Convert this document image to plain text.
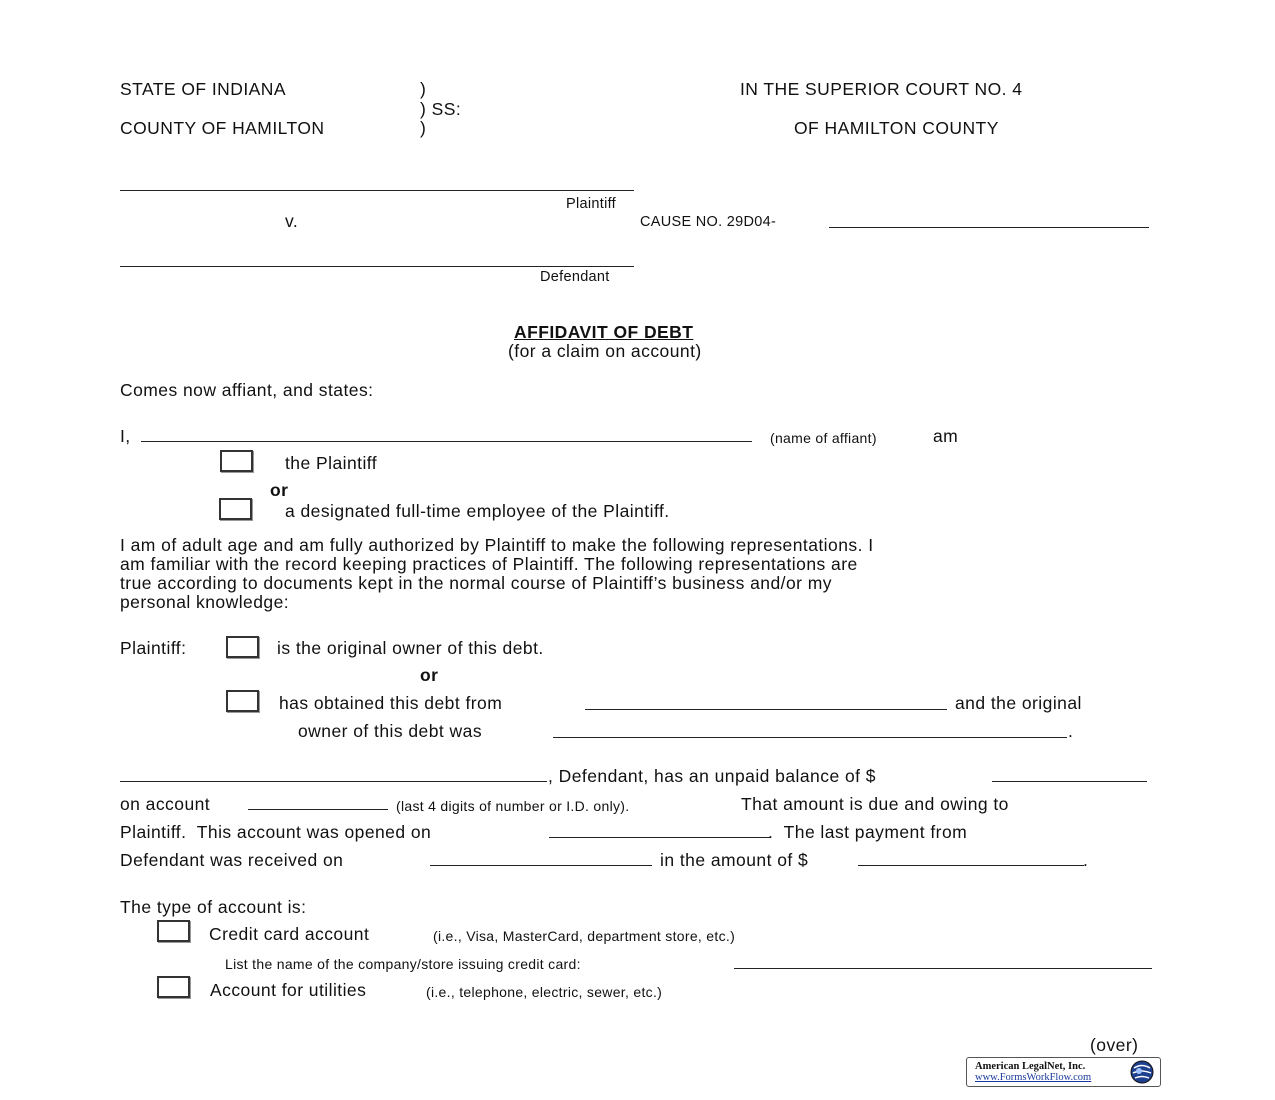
STATE OF INDIANA	)
) SS:
COUNTY OF HAMILTON	)
IN THE SUPERIOR COURT NO. 4
OF HAMILTON COUNTY
Plaintiff
v.	CAUSE NO. 29D04-
Defendant
AFFIDAVIT OF DEBT
(for a claim on account)
Comes now affiant, and states:
I,	(name of affiant)	am
the Plaintiff
or
a designated full-time employee of the Plaintiff.
I am of adult age and am fully authorized by Plaintiff to make the following representations. I
am familiar with the record keeping practices of Plaintiff. The following representations are
true according to documents kept in the normal course of Plaintiff’s business and/or my
personal knowledge:
Plaintiff:	is the original owner of this debt.
or
has obtained this debt from	and the original
owner of this debt was	.
, Defendant, has an unpaid balance of $
on account	(last 4 digits of number or I.D. only).	That amount is due and owing to
Plaintiff.  This account was opened on	.  The last payment from
Defendant was received on	in the amount of $	.
The type of account is:
Credit card account	(i.e., Visa, MasterCard, department store, etc.)
List the name of the company/store issuing credit card:
Account for utilities	(i.e., telephone, electric, sewer, etc.)
(over)
American LegalNet, Inc.
www.FormsWorkFlow.com
